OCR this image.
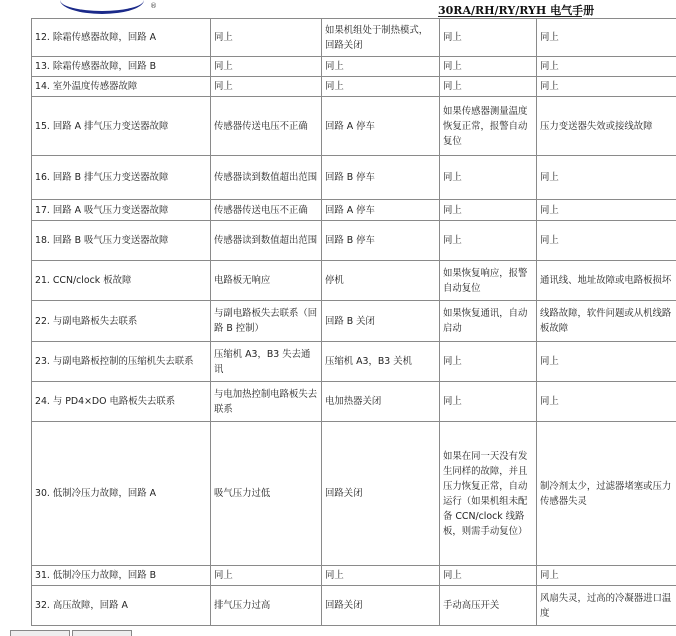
®	30RA/RH/RY/RYH 电气手册
12. 除霜传感器故障，回路 A	同上	如果机组处于制热模式，回路关闭	同上	同上
13. 除霜传感器故障，回路 B	同上	同上	同上	同上
14. 室外温度传感器故障	同上	同上	同上	同上
15. 回路 A 排气压力变送器故障	传感器传送电压不正确	回路 A 停车	如果传感器测量温度恢复正常，报警自动复位	压力变送器失效或接线故障
16. 回路 B 排气压力变送器故障	传感器读到数值超出范围	回路 B 停车	同上	同上
17. 回路 A 吸气压力变送器故障	传感器传送电压不正确	回路 A 停车	同上	同上
18. 回路 B 吸气压力变送器故障	传感器读到数值超出范围	回路 B 停车	同上	同上
21. CCN/clock 板故障	电路板无响应	停机	如果恢复响应，报警自动复位	通讯线、地址故障或电路板损坏
22. 与副电路板失去联系	与副电路板失去联系（回路 B 控制）	回路 B 关闭	如果恢复通讯，自动启动	线路故障，软件问题或从机线路板故障
23. 与副电路板控制的压缩机失去联系	压缩机 A3，B3 失去通讯	压缩机 A3，B3 关机	同上	同上
24. 与 PD4×DO 电路板失去联系	与电加热控制电路板失去联系	电加热器关闭	同上	同上
30. 低制冷压力故障，回路 A	吸气压力过低	回路关闭	如果在同一天没有发生同样的故障，并且压力恢复正常，自动运行（如果机组未配备 CCN/clock 线路板，则需手动复位）	制冷剂太少，过滤器堵塞或压力传感器失灵
31. 低制冷压力故障，回路 B	同上	同上	同上	同上
32. 高压故障，回路 A	排气压力过高	回路关闭	手动高压开关	风扇失灵，过高的冷凝器进口温度
